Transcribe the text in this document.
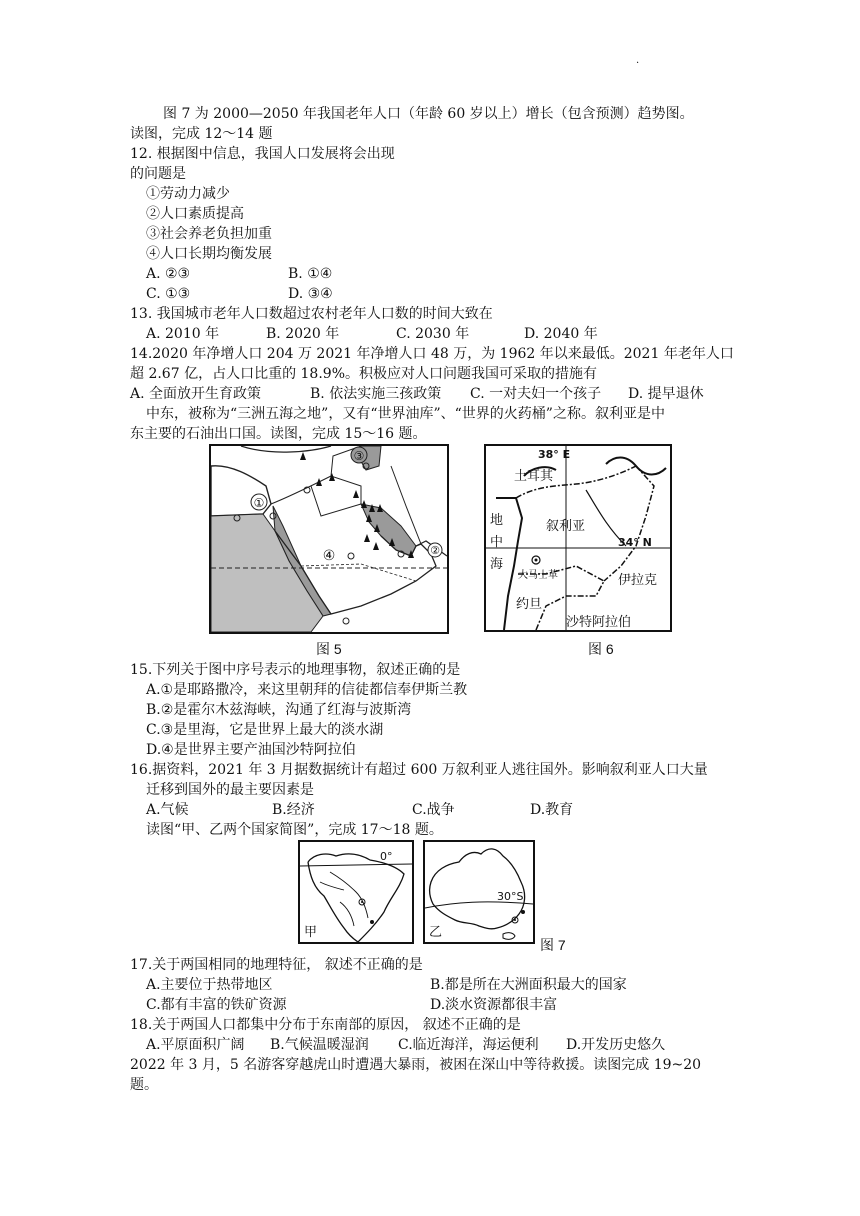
.
图 7 为 2000—2050 年我国老年人口（年龄 60 岁以上）增长（包含预测）趋势图。
读图，完成 12～14 题
12. 根据图中信息，我国人口发展将会出现
的问题是
①劳动力减少
②人口素质提高
③社会养老负担加重
④人口长期均衡发展
A. ②③	B. ①④
C. ①③	D. ③④
13. 我国城市老年人口数超过农村老年人口数的时间大致在
A. 2010 年	B. 2020 年	C. 2030 年	D. 2040 年
14.2020 年净增人口 204 万 2021 年净增人口 48 万，为 1962 年以来最低。2021 年老年人口
超 2.67 亿，占人口比重的 18.9%。积极应对人口问题我国可采取的措施有
A. 全面放开生育政策	B. 依法实施三孩政策 C. 一对夫妇一个孩子 D. 提早退休
中东，被称为“三洲五海之地”，又有“世界油库”、“世界的火药桶”之称。叙利亚是中
东主要的石油出口国。读图，完成 15～16 题。
①
②
③
④
图 5
38° E
34° N
土耳其
地
中
海
叙利亚
大马士革	伊拉克
约旦
沙特阿拉伯
图 6
15.下列关于图中序号表示的地理事物，叙述正确的是
A.①是耶路撒冷，来这里朝拜的信徒都信奉伊斯兰教
B.②是霍尔木兹海峡，沟通了红海与波斯湾
C.③是里海，它是世界上最大的淡水湖
D.④是世界主要产油国沙特阿拉伯
16.据资料，2021 年 3 月据数据统计有超过 600 万叙利亚人逃往国外。影响叙利亚人口大量
迁移到国外的最主要因素是
A.气候	B.经济	C.战争	D.教育
读图“甲、乙两个国家简图”，完成 17～18 题。
0°
甲
30°S
乙
图 7
17.关于两国相同的地理特征， 叙述不正确的是
A.主要位于热带地区	B.都是所在大洲面积最大的国家
C.都有丰富的铁矿资源	D.淡水资源都很丰富
18.关于两国人口都集中分布于东南部的原因， 叙述不正确的是
A.平原面积广阔 B.气候温暖湿润 C.临近海洋，海运便利 D.开发历史悠久
2022 年 3 月，5 名游客穿越虎山时遭遇大暴雨，被困在深山中等待救援。读图完成 19~20
题。
